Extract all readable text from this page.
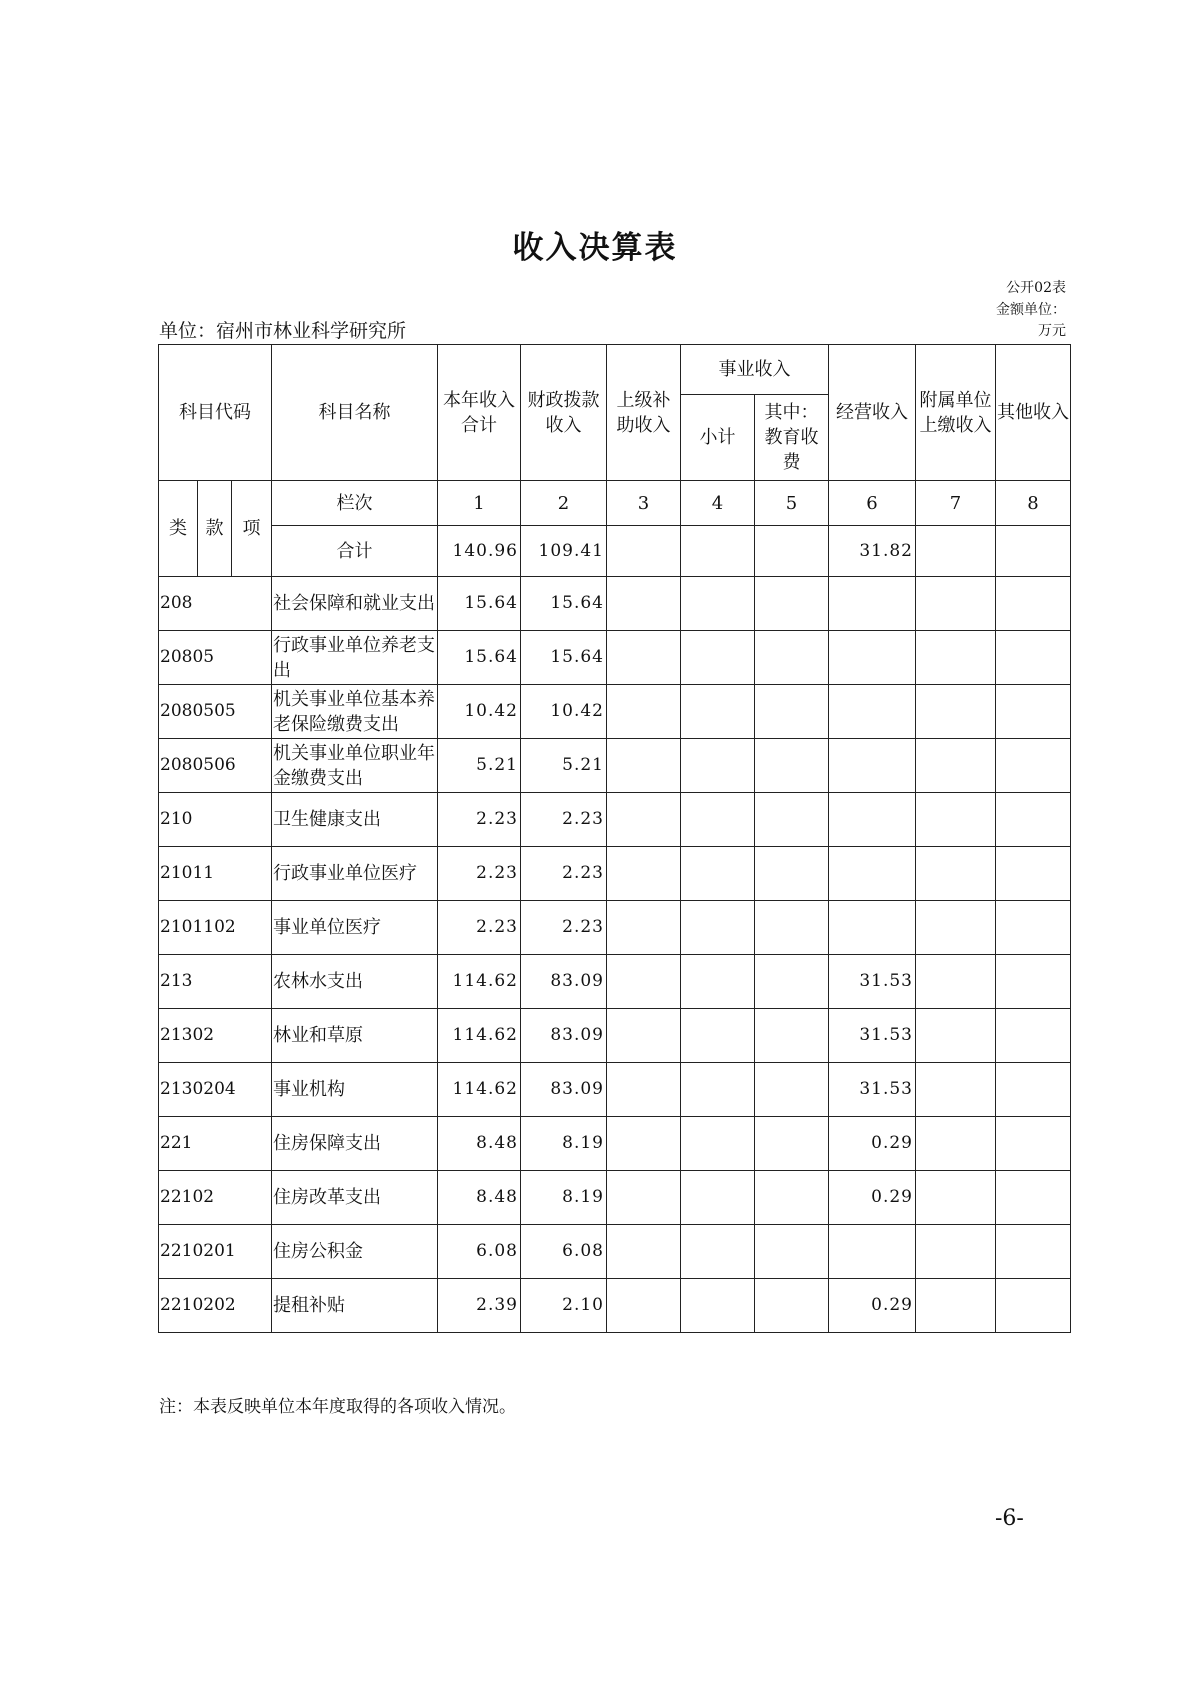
收入决算表
公开02表
金额单位：
万元
单位：宿州市林业科学研究所
科目代码			科目名称	本年收入合计	财政拨款收入	上级补助收入	事业收入		经营收入	附属单位上缴收入	其他收入
							小计	其中：教育收费			
类	款	项	栏次	1	2	3	4	5	6	7	8
			合计	140.96	109.41				31.82		
208			社会保障和就业支出	15.64	15.64						
20805			行政事业单位养老支出	15.64	15.64						
2080505			机关事业单位基本养老保险缴费支出	10.42	10.42						
2080506			机关事业单位职业年金缴费支出	5.21	5.21						
210			卫生健康支出	2.23	2.23						
21011			行政事业单位医疗	2.23	2.23						
2101102			事业单位医疗	2.23	2.23						
213			农林水支出	114.62	83.09				31.53		
21302			林业和草原	114.62	83.09				31.53		
2130204			事业机构	114.62	83.09				31.53		
221			住房保障支出	8.48	8.19				0.29		
22102			住房改革支出	8.48	8.19				0.29		
2210201			住房公积金	6.08	6.08						
2210202			提租补贴	2.39	2.10				0.29		
注：本表反映单位本年度取得的各项收入情况。
-6-
